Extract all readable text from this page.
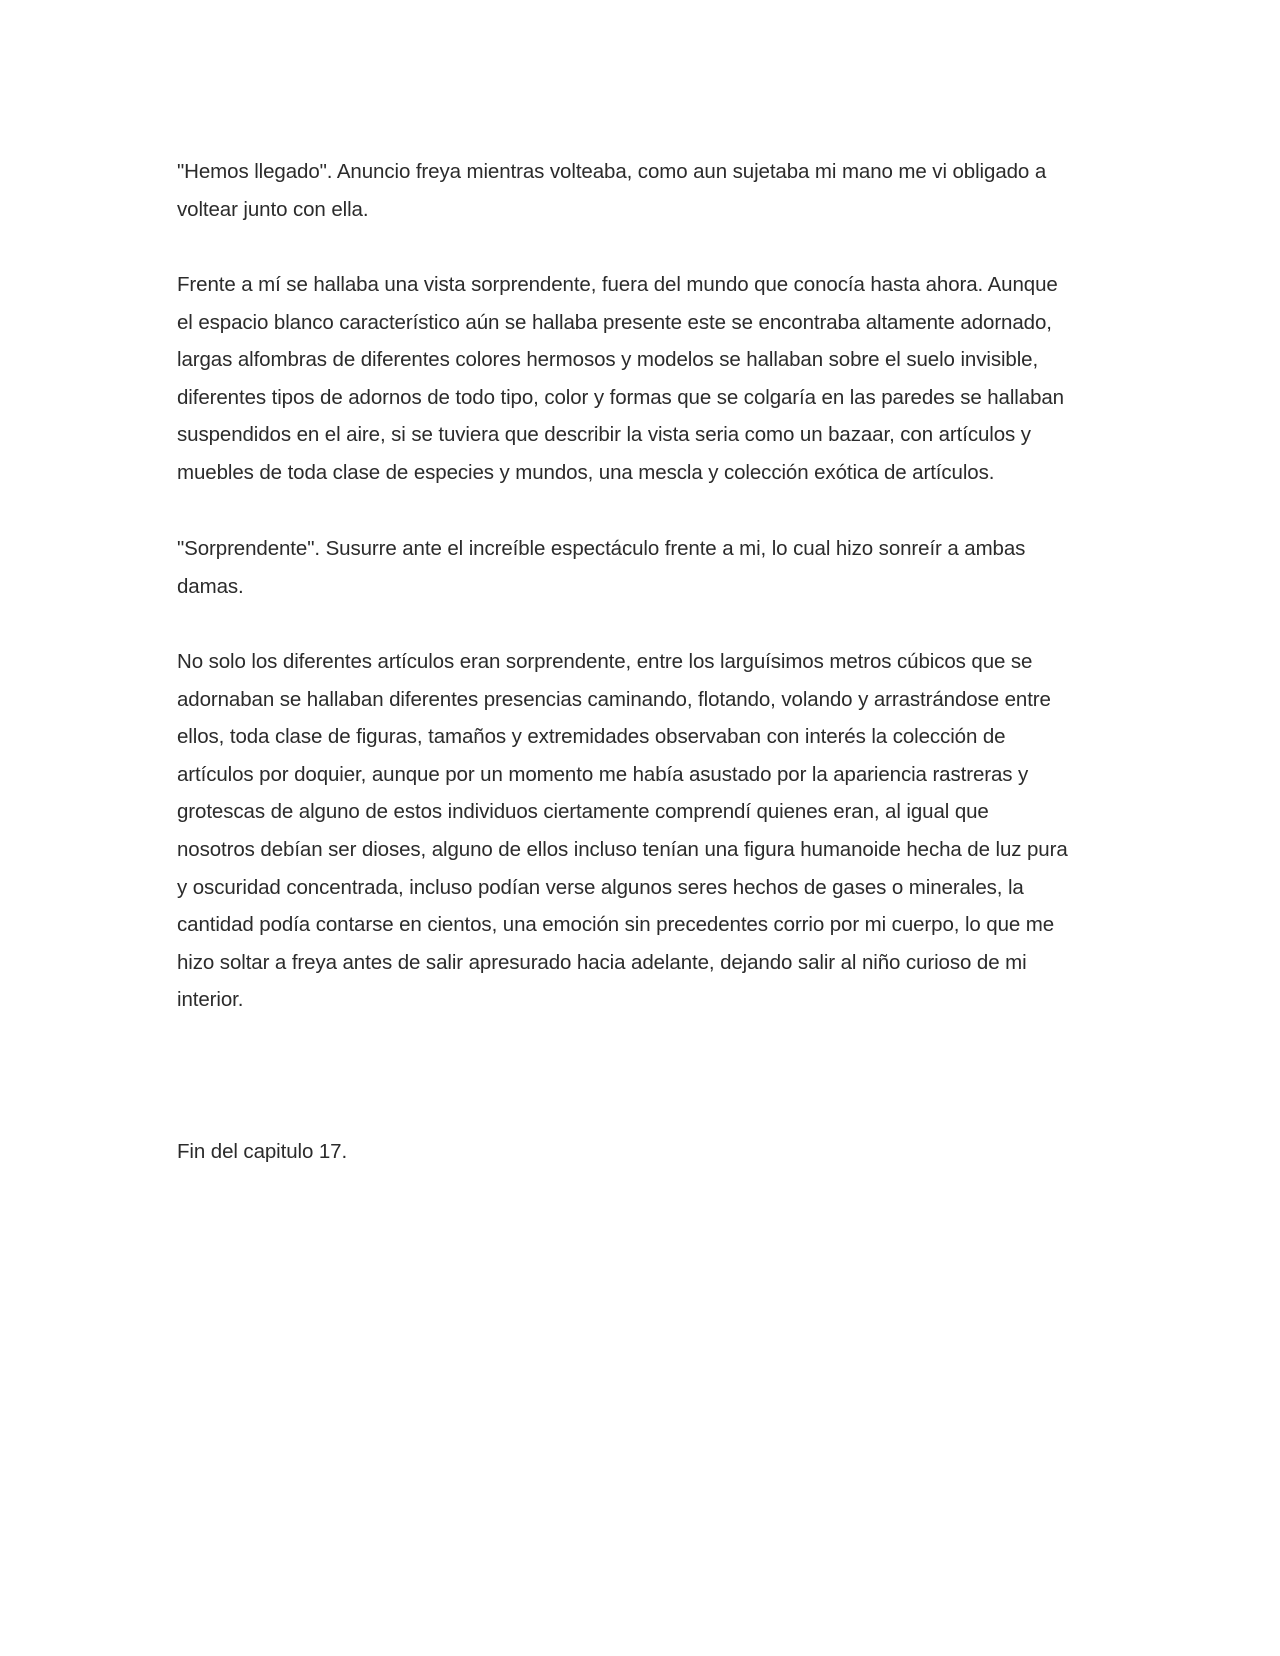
"Hemos llegado". Anuncio freya mientras volteaba, como aun sujetaba mi mano me vi obligado a
voltear junto con ella.

Frente a mí se hallaba una vista sorprendente, fuera del mundo que conocía hasta ahora. Aunque
el espacio blanco característico aún se hallaba presente este se encontraba altamente adornado,
largas alfombras de diferentes colores hermosos y modelos se hallaban sobre el suelo invisible,
diferentes tipos de adornos de todo tipo, color y formas que se colgaría en las paredes se hallaban
suspendidos en el aire, si se tuviera que describir la vista seria como un bazaar, con artículos y
muebles de toda clase de especies y mundos, una mescla y colección exótica de artículos.

"Sorprendente". Susurre ante el increíble espectáculo frente a mi, lo cual hizo sonreír a ambas
damas.

No solo los diferentes artículos eran sorprendente, entre los larguísimos metros cúbicos que se
adornaban se hallaban diferentes presencias caminando, flotando, volando y arrastrándose entre
ellos, toda clase de figuras, tamaños y extremidades observaban con interés la colección de
artículos por doquier, aunque por un momento me había asustado por la apariencia rastreras y
grotescas de alguno de estos individuos ciertamente comprendí quienes eran, al igual que
nosotros debían ser dioses, alguno de ellos incluso tenían una figura humanoide hecha de luz pura
y oscuridad concentrada, incluso podían verse algunos seres hechos de gases o minerales, la
cantidad podía contarse en cientos, una emoción sin precedentes corrio por mi cuerpo, lo que me
hizo soltar a freya antes de salir apresurado hacia adelante, dejando salir al niño curioso de mi
interior.

Fin del capitulo 17.
